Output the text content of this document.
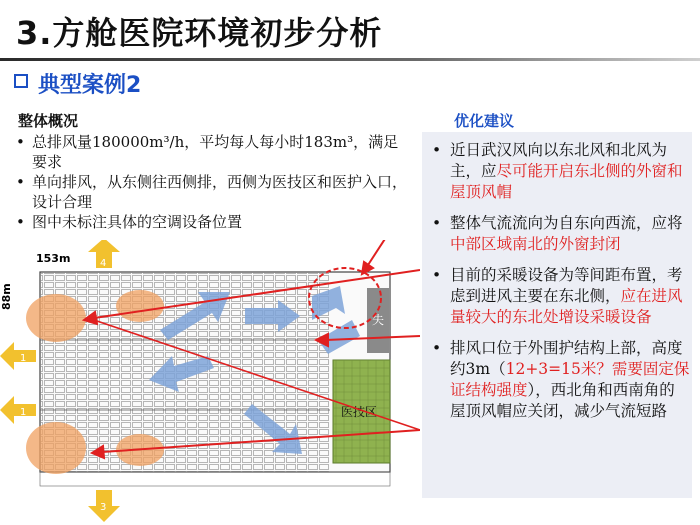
3.方舱医院环境初步分析
典型案例2
整体概况
• 总排风量180000m³/h，平均每人每小时183m³，满足要求
• 单向排风，从东侧往西侧排，西侧为医技区和医护入口，设计合理
• 图中未标注具体的空调设备位置
优化建议
• 近日武汉风向以东北风和北风为主，应尽可能开启东北侧的外窗和屋顶风帽
• 整体气流流向为自东向西流，应将中部区域南北的外窗封闭
• 目前的采暖设备为等间距布置，考虑到进风主要在东北侧，应在进风量较大的东北处增设采暖设备
• 排风口位于外围护结构上部，高度约3m（12+3=15米？需要固定保证结构强度），西北角和西南角的屋顶风帽应关闭，减少气流短路
153m
88m
失
医技区
4
1
1
3
